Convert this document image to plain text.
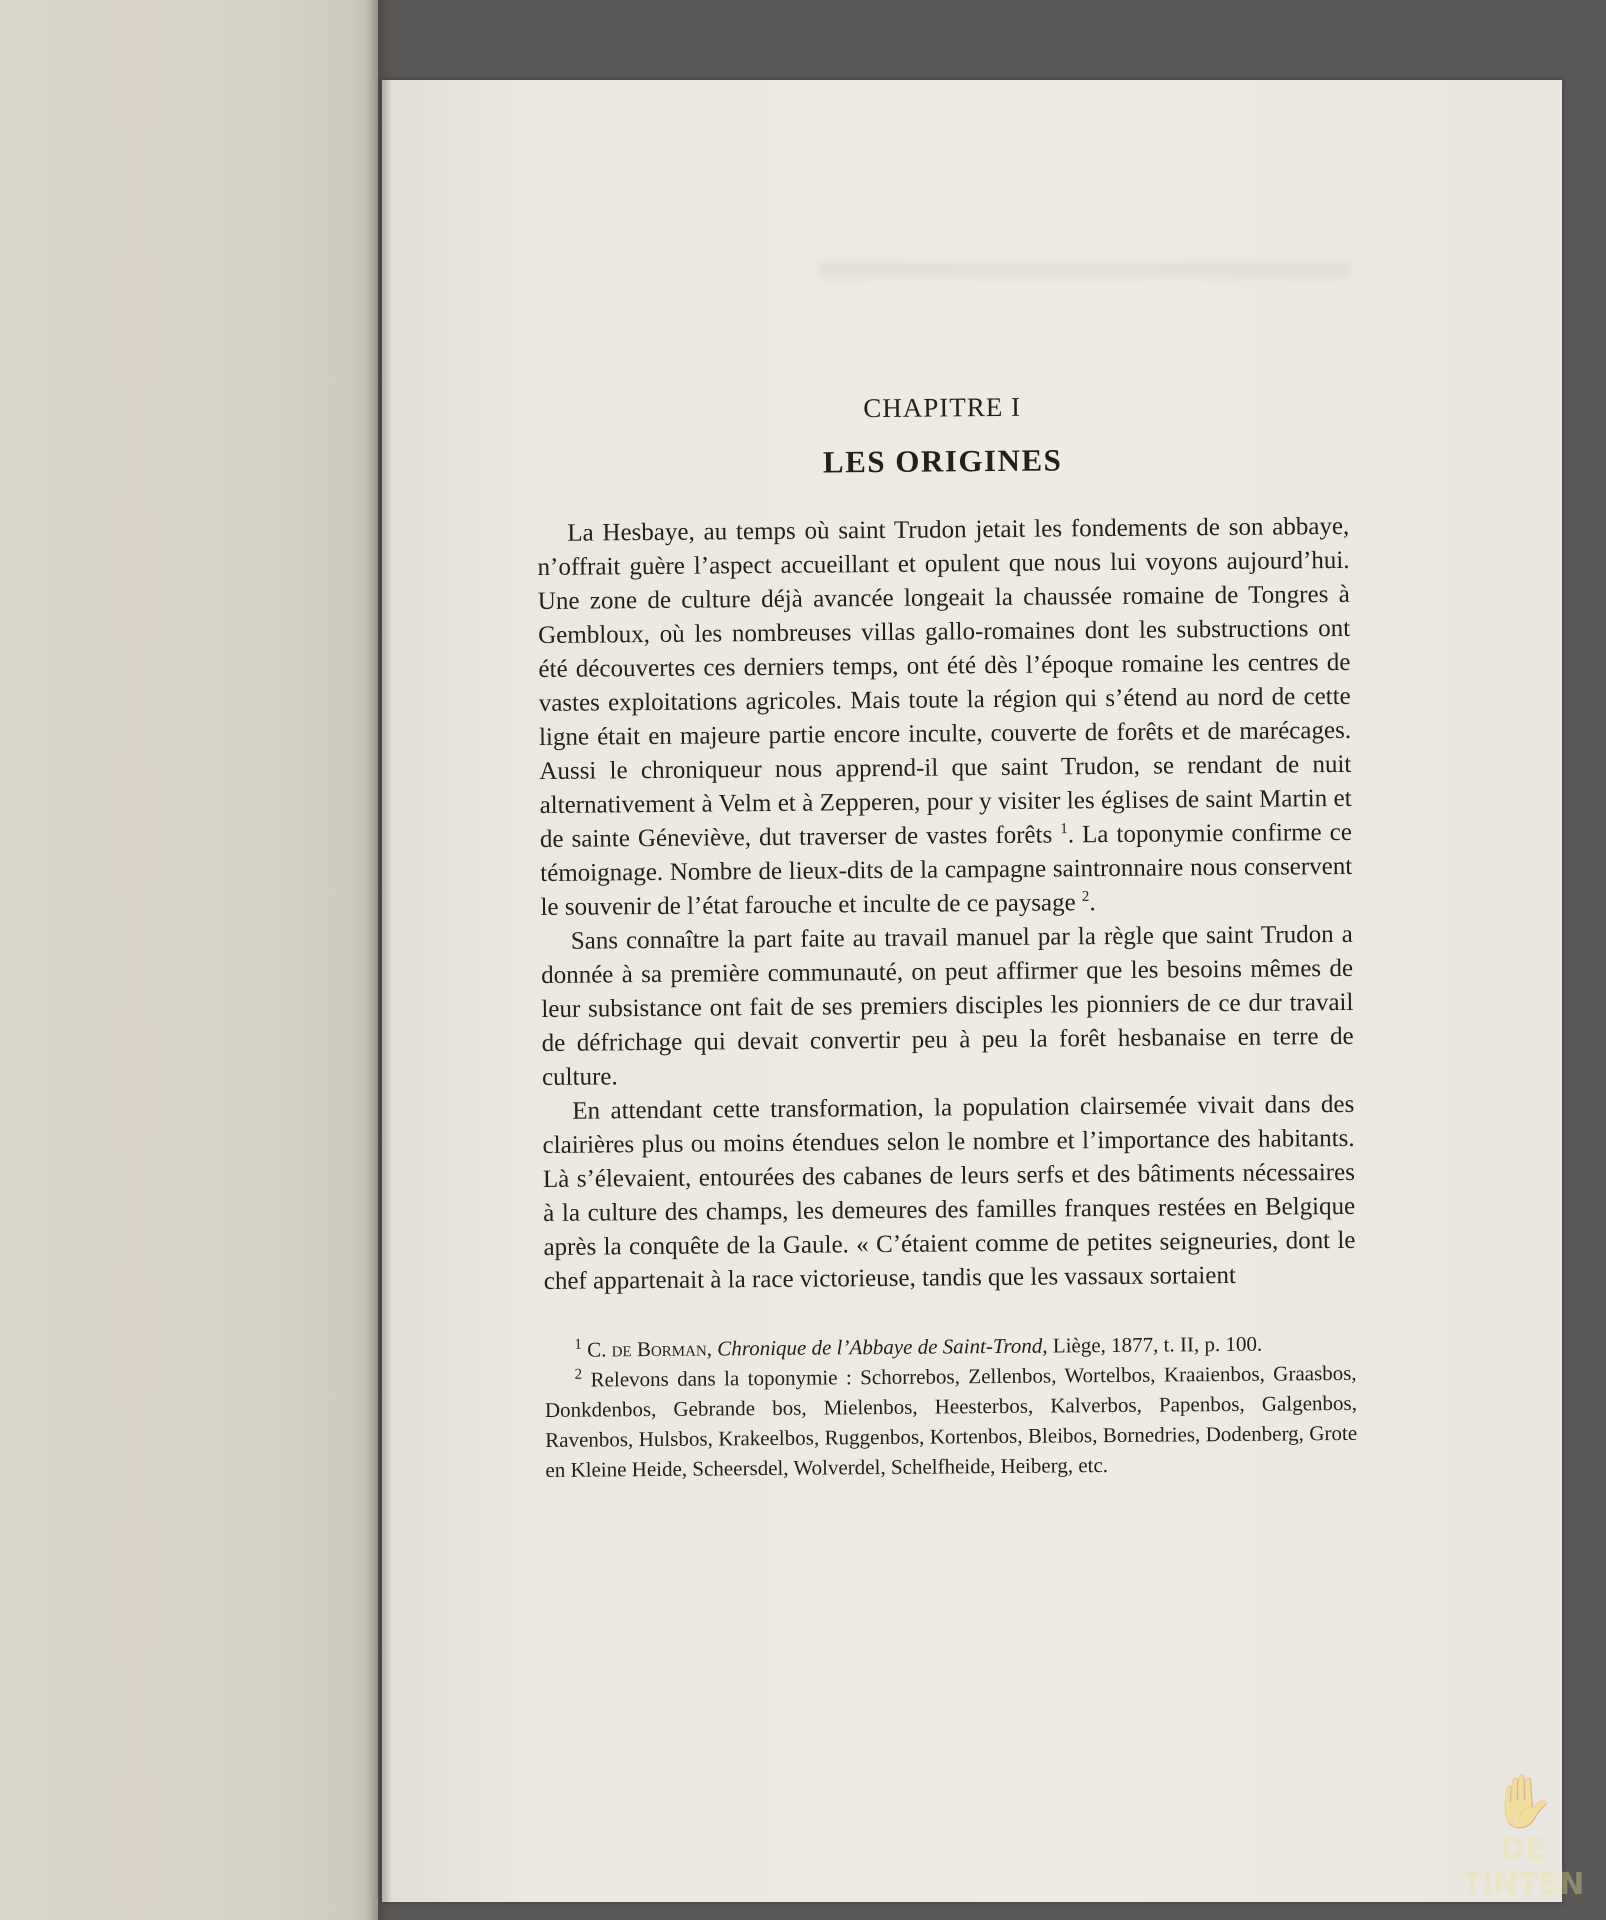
CHAPITRE I
LES ORIGINES

La Hesbaye, au temps où saint Trudon jetait les fondements de son abbaye, n’offrait guère l’aspect accueillant et opulent que nous lui voyons aujourd’hui. Une zone de culture déjà avancée longeait la chaussée romaine de Tongres à Gembloux, où les nombreuses villas gallo-romaines dont les substructions ont été découvertes ces derniers temps, ont été dès l’époque romaine les centres de vastes exploitations agricoles. Mais toute la région qui s’étend au nord de cette ligne était en majeure partie encore inculte, couverte de forêts et de marécages. Aussi le chroniqueur nous apprend-il que saint Trudon, se rendant de nuit alternativement à Velm et à Zepperen, pour y visiter les églises de saint Martin et de sainte Géneviève, dut traverser de vastes forêts $^1$. La toponymie confirme ce témoignage. Nombre de lieux-dits de la campagne saintronnaire nous conservent le souvenir de l’état farouche et inculte de ce paysage $^2$.

Sans connaître la part faite au travail manuel par la règle que saint Trudon a donnée à sa première communauté, on peut affirmer que les besoins mêmes de leur subsistance ont fait de ses premiers disciples les pionniers de ce dur travail de défrichage qui devait convertir peu à peu la forêt hesbanaise en terre de culture.

En attendant cette transformation, la population clairsemée vivait dans des clairières plus ou moins étendues selon le nombre et l’importance des habitants. Là s’élevaient, entourées des cabanes de leurs serfs et des bâtiments nécessaires à la culture des champs, les demeures des familles franques restées en Belgique après la conquête de la Gaule. « C’étaient comme de petites seigneuries, dont le chef appartenait à la race victorieuse, tandis que les vassaux sortaient

$^1$ C. de Borman, Chronique de l’Abbaye de Saint-Trond, Liège, 1877, t. II, p. 100.

$^2$ Relevons dans la toponymie : Schorrebos, Zellenbos, Wortelbos, Kraaienbos, Graasbos, Donkdenbos, Gebrande bos, Mielenbos, Heesterbos, Kalverbos, Papenbos, Galgenbos, Ravenbos, Hulsbos, Krakeelbos, Ruggenbos, Kortenbos, Bleibos, Bornedries, Dodenberg, Grote en Kleine Heide, Scheersdel, Wolverdel, Schelfheide, Heiberg, etc.

✋
DE TINTEN
